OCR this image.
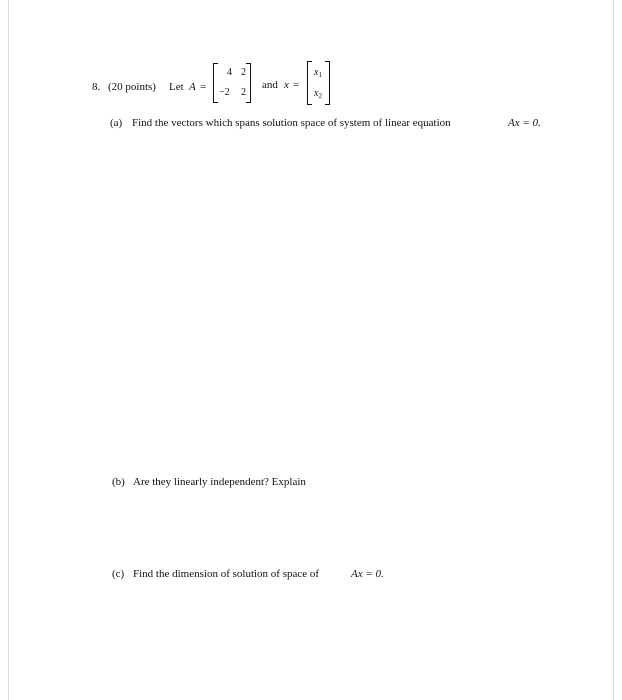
8. (20 points) Let A =
4 2
−2 2
and x =
$x_1$
$x_2$
(a) Find the vectors which spans solution space of system of linear equation	Ax = 0.
(b) Are they linearly independent? Explain
(c) Find the dimension of solution of space of	Ax = 0.
